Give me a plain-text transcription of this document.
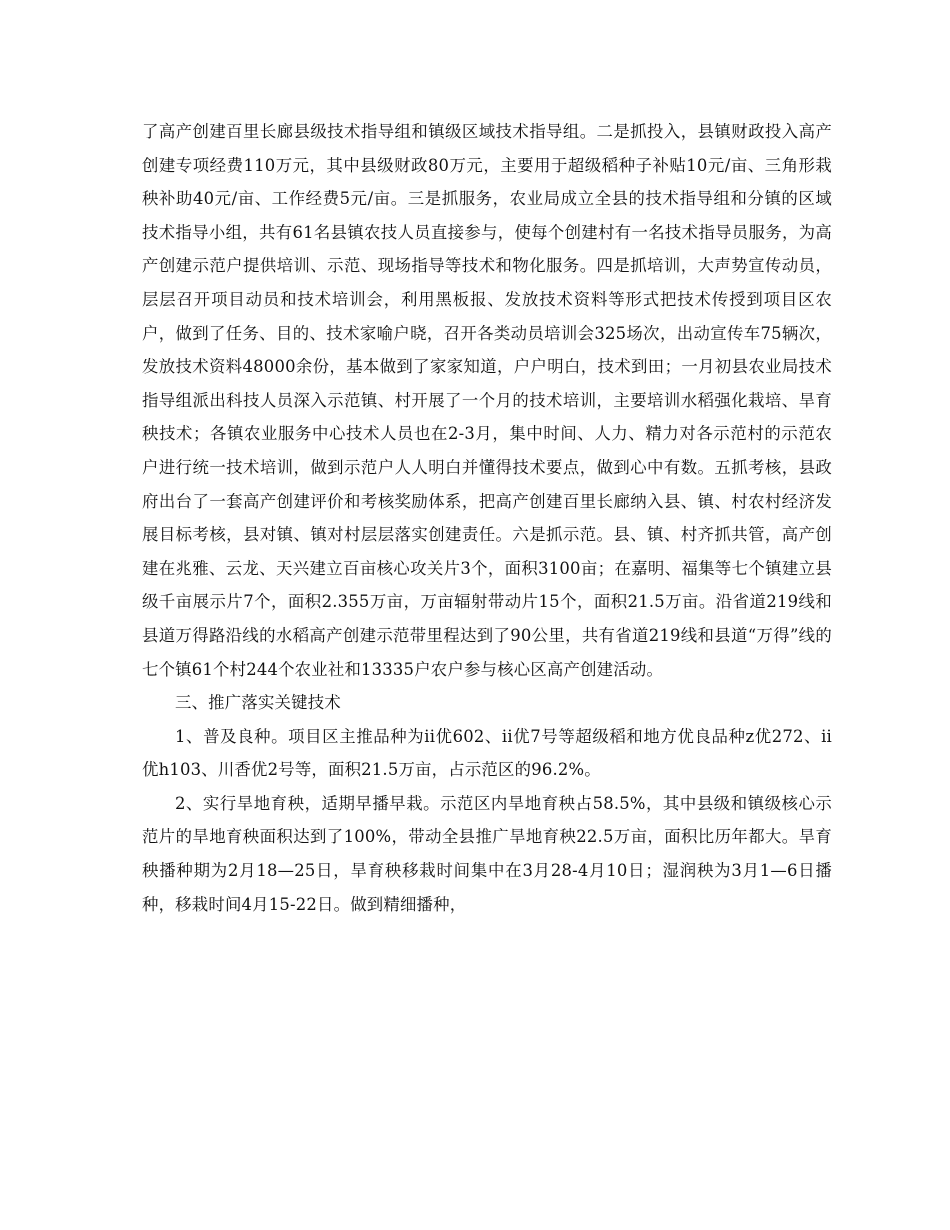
了高产创建百里长廊县级技术指导组和镇级区域技术指导组。二是抓投入，县镇财政投入高产创建专项经费110万元，其中县级财政80万元，主要用于超级稻种子补贴10元/亩、三角形栽秧补助40元/亩、工作经费5元/亩。三是抓服务，农业局成立全县的技术指导组和分镇的区域技术指导小组，共有61名县镇农技人员直接参与，使每个创建村有一名技术指导员服务，为高产创建示范户提供培训、示范、现场指导等技术和物化服务。四是抓培训，大声势宣传动员，层层召开项目动员和技术培训会，利用黑板报、发放技术资料等形式把技术传授到项目区农户，做到了任务、目的、技术家喻户晓，召开各类动员培训会325场次，出动宣传车75辆次，发放技术资料48000余份，基本做到了家家知道，户户明白，技术到田；一月初县农业局技术指导组派出科技人员深入示范镇、村开展了一个月的技术培训，主要培训水稻强化栽培、旱育秧技术；各镇农业服务中心技术人员也在2-3月，集中时间、人力、精力对各示范村的示范农户进行统一技术培训，做到示范户人人明白并懂得技术要点，做到心中有数。五抓考核，县政府出台了一套高产创建评价和考核奖励体系，把高产创建百里长廊纳入县、镇、村农村经济发展目标考核，县对镇、镇对村层层落实创建责任。六是抓示范。县、镇、村齐抓共管，高产创建在兆雅、云龙、天兴建立百亩核心攻关片3个，面积3100亩；在嘉明、福集等七个镇建立县级千亩展示片7个，面积2.355万亩，万亩辐射带动片15个，面积21.5万亩。沿省道219线和县道万得路沿线的水稻高产创建示范带里程达到了90公里，共有省道219线和县道“万得”线的七个镇61个村244个农业社和13335户农户参与核心区高产创建活动。

三、推广落实关键技术

1、普及良种。项目区主推品种为ii优602、ii优7号等超级稻和地方优良品种z优272、ii优h103、川香优2号等，面积21.5万亩，占示范区的96.2%。

2、实行旱地育秧，适期早播早栽。示范区内旱地育秧占58.5%，其中县级和镇级核心示范片的旱地育秧面积达到了100%，带动全县推广旱地育秧22.5万亩，面积比历年都大。旱育秧播种期为2月18—25日，旱育秧移栽时间集中在3月28-4月10日；湿润秧为3月1—6日播种，移栽时间4月15-22日。做到精细播种，
